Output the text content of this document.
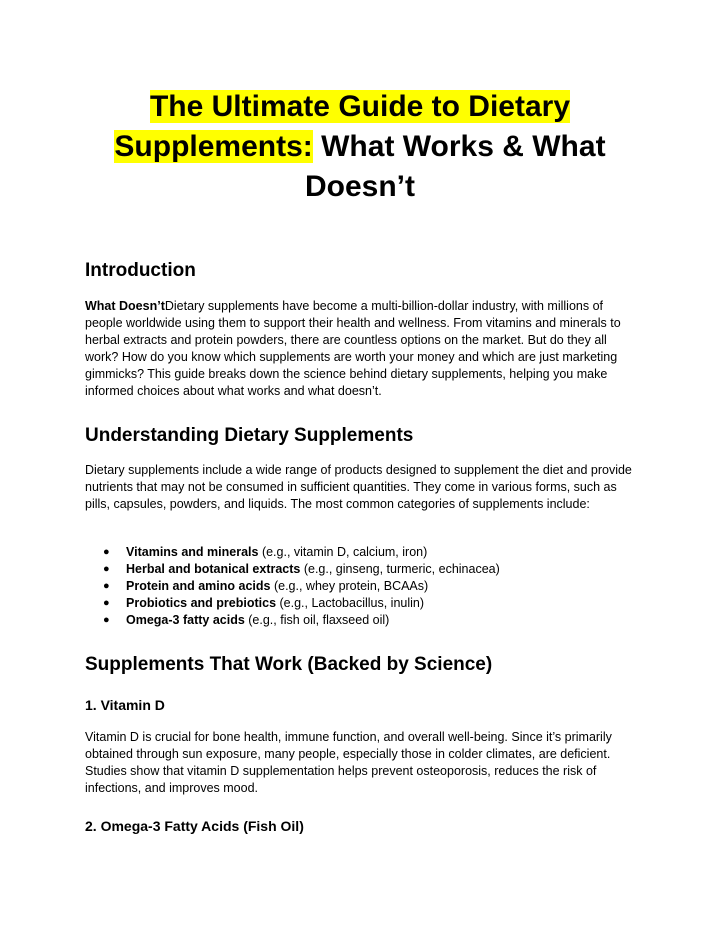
The Ultimate Guide to Dietary Supplements: What Works & What Doesn’t
Introduction

What Doesn’tDietary supplements have become a multi-billion-dollar industry, with millions of people worldwide using them to support their health and wellness. From vitamins and minerals to herbal extracts and protein powders, there are countless options on the market. But do they all work? How do you know which supplements are worth your money and which are just marketing gimmicks? This guide breaks down the science behind dietary supplements, helping you make informed choices about what works and what doesn’t.

Understanding Dietary Supplements

Dietary supplements include a wide range of products designed to supplement the diet and provide nutrients that may not be consumed in sufficient quantities. They come in various forms, such as pills, capsules, powders, and liquids. The most common categories of supplements include:

● Vitamins and minerals (e.g., vitamin D, calcium, iron)
● Herbal and botanical extracts (e.g., ginseng, turmeric, echinacea)
● Protein and amino acids (e.g., whey protein, BCAAs)
● Probiotics and prebiotics (e.g., Lactobacillus, inulin)
● Omega-3 fatty acids (e.g., fish oil, flaxseed oil)
Supplements That Work (Backed by Science)
1. Vitamin D

Vitamin D is crucial for bone health, immune function, and overall well-being. Since it’s primarily obtained through sun exposure, many people, especially those in colder climates, are deficient. Studies show that vitamin D supplementation helps prevent osteoporosis, reduces the risk of infections, and improves mood.

2. Omega-3 Fatty Acids (Fish Oil)
